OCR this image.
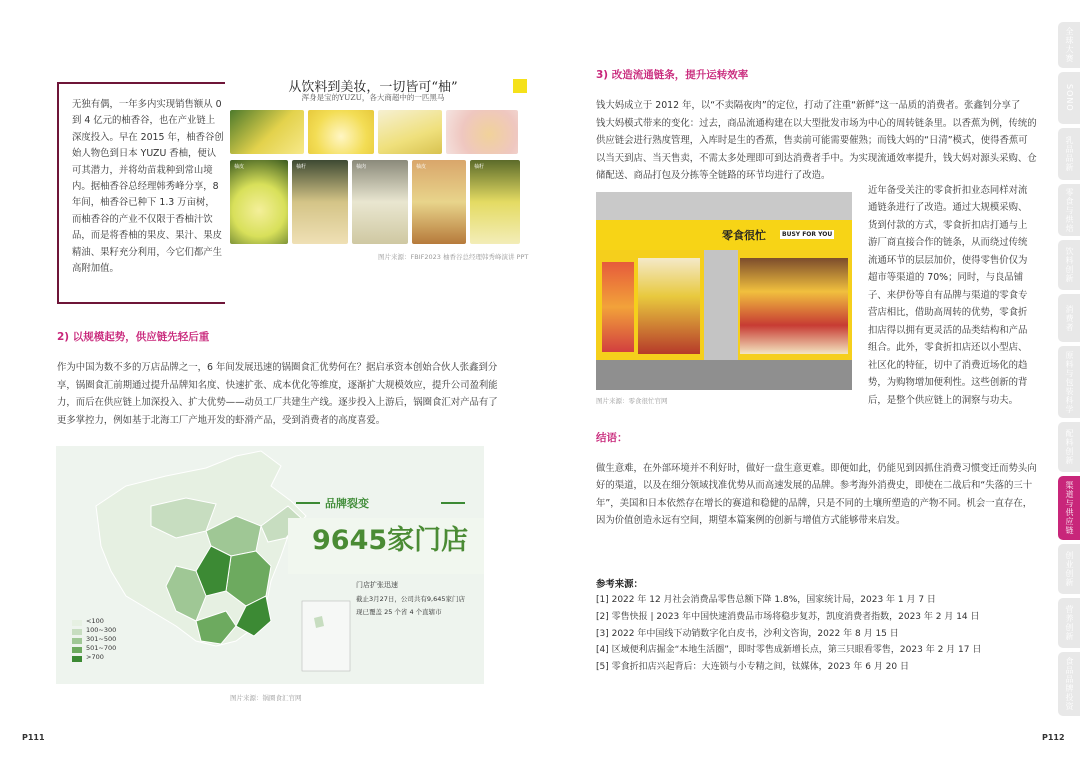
无独有偶，一年多内实现销售额从 0 到 4 亿元的柚香谷，也在产业链上深度投入。早在 2015 年，柚香谷创始人物色到日本 YUZU 香柚，便认可其潜力，并将幼苗栽种到常山境内。据柚香谷总经理韩秀峰分享，8 年间，柚香谷已种下 1.3 万亩树，而柚香谷的产业不仅限于香柚汁饮品，而是将香柚的果皮、果汁、果皮精油、果籽充分利用，今它们都产生高附加值。
从饮料到美妆，一切皆可“柚”
浑身是宝的YUZU，各大商超中的一匹黑马
柚皮	柚籽	柚肉	柚皮	柚籽
图片来源：FBIF2023 柚香谷总经理韩秀峰演讲 PPT
2) 以规模起势，供应链先轻后重
作为中国为数不多的万店品牌之一，6 年间发展迅速的锅圈食汇优势何在？据启承资本创始合伙人张鑫到分
享，锅圈食汇前期通过提升品牌知名度、快速扩张、成本优化等维度，逐渐扩大规模效应，提升公司盈利能
力，而后在供应链上加深投入、扩大优势——动员工厂共建生产线。逐步投入上游后，锅圈食汇对产品有了
更多掌控力，例如基于北海工厂产地开发的虾滑产品，受到消费者的高度喜爱。
品牌裂变
9645家门店
门店扩张迅速
截止3月27日，公司共有9,645家门店
现已覆盖 25 个省 4 个直辖市
<100
100~300
301~500
501~700
>700
图片来源：锅圈食汇官网
P111
3) 改造流通链条，提升运转效率
钱大妈成立于 2012 年，以“不卖隔夜肉”的定位，打动了注重“新鲜”这一品质的消费者。张鑫钊分享了
钱大妈模式带来的变化：过去，商品流通构建在以大型批发市场为中心的周转链条里。以香蕉为例，传统的
供应链会进行熟度管理，入库时是生的香蕉，售卖前可能需要催熟；而钱大妈的“日清”模式，使得香蕉可
以当天到店、当天售卖，不需太多处理即可到达消费者手中。为实现流通效率提升，钱大妈对源头采购、仓
储配送、商品打包及分拣等全链路的环节均进行了改造。
零食很忙	BUSY FOR YOU
图片来源：零食很忙官网
近年备受关注的零食折扣业态同样对流
通链条进行了改造。通过大规模采购、
货到付款的方式，零食折扣店打通与上
游厂商直接合作的链条，从而绕过传统
流通环节的层层加价，使得零售价仅为
超市等渠道的 70%；同时，与良品铺
子、来伊份等自有品牌与渠道的零食专
营店相比，借助高周转的优势，零食折
扣店得以拥有更灵活的品类结构和产品
组合。此外，零食折扣店还以小型店、
社区化的特征，切中了消费近场化的趋
势，为购物增加便利性。这些创新的背
后，是整个供应链上的洞察与功夫。
结语：
做生意难，在外部环境并不利好时，做好一盘生意更难。即便如此，仍能见到因抓住消费习惯变迁而势头向
好的渠道，以及在细分领域找准优势从而高速发展的品牌。参考海外消费史，即使在二战后和“失落的三十
年”，美国和日本依然存在增长的赛道和稳健的品牌，只是不同的土壤所塑造的产物不同。机会一直存在，
因为价值创造永远有空间，期望本篇案例的创新与增值方式能够带来启发。
参考来源：
[1] 2022 年 12 月社会消费品零售总额下降 1.8%，国家统计局，2023 年 1 月 7 日
[2] 零售快报 | 2023 年中国快速消费品市场将稳步复苏，凯度消费者指数，2023 年 2 月 14 日
[3] 2022 年中国线下动销数字化白皮书，沙利文咨询，2022 年 8 月 15 日
[4] 区域便利店掘金“本地生活圈”，即时零售成新增长点，第三只眼看零售，2023 年 2 月 17 日
[5] 零食折扣店兴起背后：大连锁与小专精之间，钛媒体，2023 年 6 月 20 日
P112
全球大赛
SONO
乳品品新
零食与烘焙
饮料创新
消费者
原料与包装科学
配料创新
渠道与供应链
创业创新
营养创新
食品品牌投资
